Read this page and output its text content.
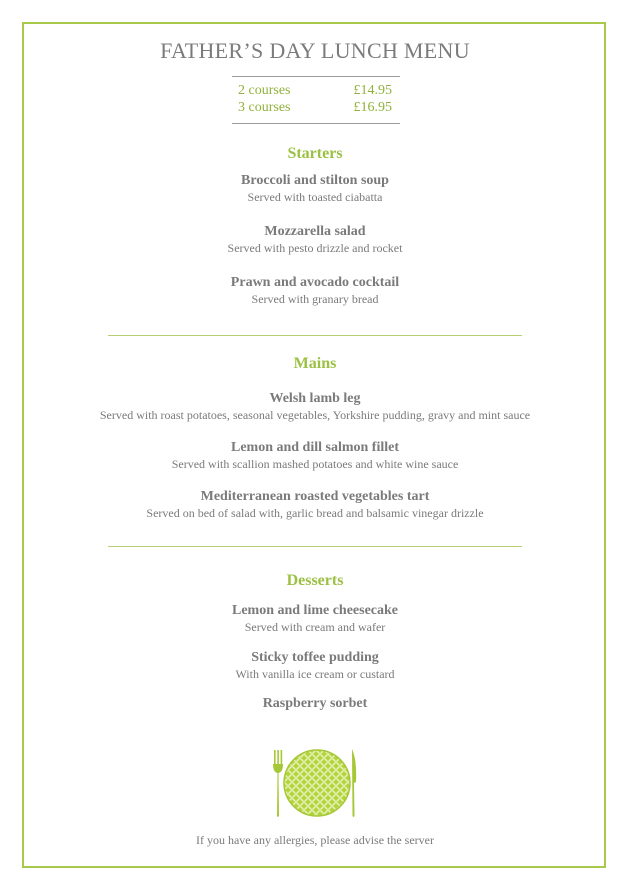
FATHER’S DAY LUNCH MENU
2 courses	£14.95
3 courses	£16.95
Starters
Broccoli and stilton soup
Served with toasted ciabatta
Mozzarella salad
Served with pesto drizzle and rocket
Prawn and avocado cocktail
Served with granary bread
Mains
Welsh lamb leg
Served with roast potatoes, seasonal vegetables, Yorkshire pudding, gravy and mint sauce
Lemon and dill salmon fillet
Served with scallion mashed potatoes and white wine sauce
Mediterranean roasted vegetables tart
Served on bed of salad with, garlic bread and balsamic vinegar drizzle
Desserts
Lemon and lime cheesecake
Served with cream and wafer
Sticky toffee pudding
With vanilla ice cream or custard
Raspberry sorbet
If you have any allergies, please advise the server
